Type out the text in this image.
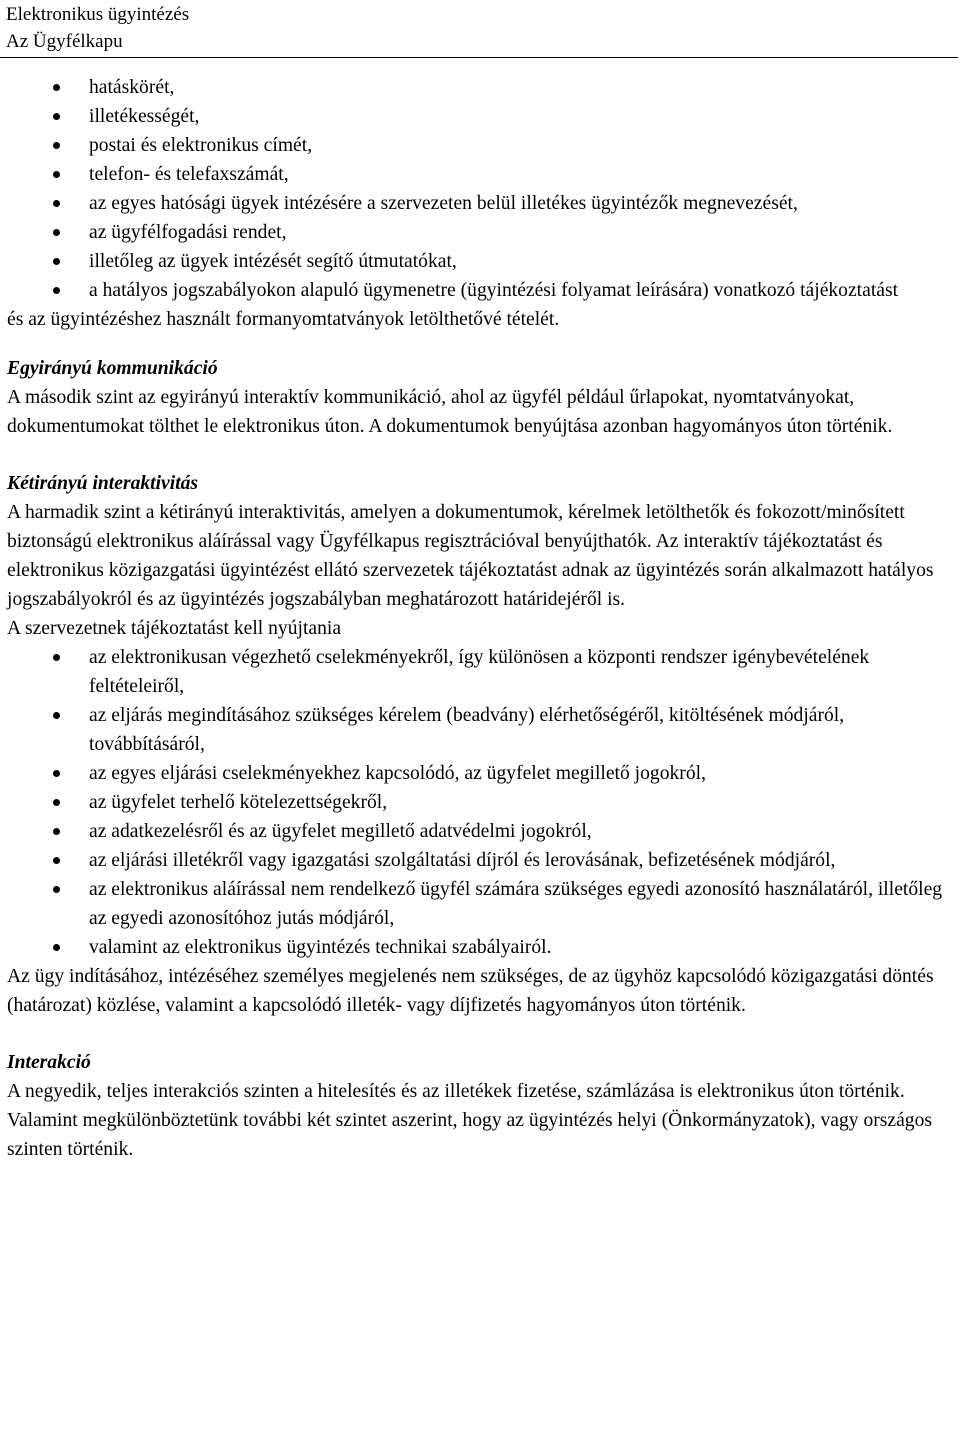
Elektronikus ügyintézés
Az Ügyfélkapu
hatáskörét,
illetékességét,
postai és elektronikus címét,
telefon- és telefaxszámát,
az egyes hatósági ügyek intézésére a szervezeten belül illetékes ügyintézők megnevezését,
az ügyfélfogadási rendet,
illetőleg az ügyek intézését segítő útmutatókat,
a hatályos jogszabályokon alapuló ügymenetre (ügyintézési folyamat leírására) vonatkozó tájékoztatást

és az ügyintézéshez használt formanyomtatványok letölthetővé tételét.

Egyirányú kommunikáció

A második szint az egyirányú interaktív kommunikáció, ahol az ügyfél például űrlapokat, nyomtatványokat, dokumentumokat tölthet le elektronikus úton. A dokumentumok benyújtása azonban hagyományos úton történik.

Kétirányú interaktivitás

A harmadik szint a kétirányú interaktivitás, amelyen a dokumentumok, kérelmek letölthetők és fokozott/minősített biztonságú elektronikus aláírással vagy Ügyfélkapus regisztrációval benyújthatók. Az interaktív tájékoztatást és elektronikus közigazgatási ügyintézést ellátó szervezetek tájékoztatást adnak az ügyintézés során alkalmazott hatályos jogszabályokról és az ügyintézés jogszabályban meghatározott határidejéről is.

A szervezetnek tájékoztatást kell nyújtania

az elektronikusan végezhető cselekményekről, így különösen a központi rendszer igénybevételének feltételeiről,
az eljárás megindításához szükséges kérelem (beadvány) elérhetőségéről, kitöltésének módjáról, továbbításáról,
az egyes eljárási cselekményekhez kapcsolódó, az ügyfelet megillető jogokról,
az ügyfelet terhelő kötelezettségekről,
az adatkezelésről és az ügyfelet megillető adatvédelmi jogokról,
az eljárási illetékről vagy igazgatási szolgáltatási díjról és lerovásának, befizetésének módjáról,
az elektronikus aláírással nem rendelkező ügyfél számára szükséges egyedi azonosító használatáról, illetőleg az egyedi azonosítóhoz jutás módjáról,
valamint az elektronikus ügyintézés technikai szabályairól.

Az ügy indításához, intézéséhez személyes megjelenés nem szükséges, de az ügyhöz kapcsolódó közigazgatási döntés (határozat) közlése, valamint a kapcsolódó illeték- vagy díjfizetés hagyományos úton történik.

Interakció

A negyedik, teljes interakciós szinten a hitelesítés és az illetékek fizetése, számlázása is elektronikus úton történik.

Valamint megkülönböztetünk további két szintet aszerint, hogy az ügyintézés helyi (Önkormányzatok), vagy országos szinten történik.
